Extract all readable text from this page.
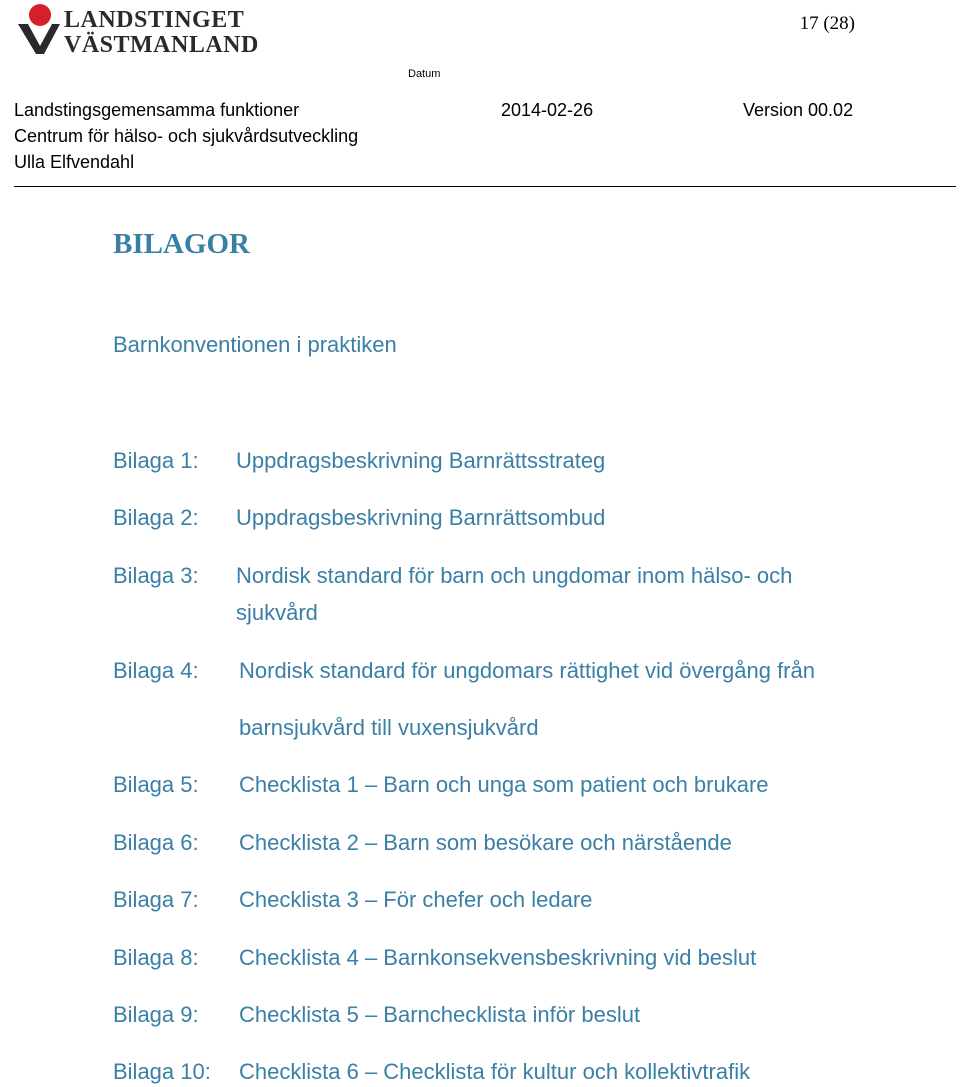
LANDSTINGET
VÄSTMANLAND
17 (28)
Datum
Landstingsgemensamma funktioner	2014-02-26	Version 00.02
Centrum för hälso- och sjukvårdsutveckling
Ulla Elfvendahl
BILAGOR
Barnkonventionen i praktiken
Bilaga 1: Uppdragsbeskrivning Barnrättsstrateg
Bilaga 2: Uppdragsbeskrivning Barnrättsombud
Bilaga 3: Nordisk standard för barn och ungdomar inom hälso- och
sjukvård
Bilaga 4: Nordisk standard för ungdomars rättighet vid övergång från
barnsjukvård till vuxensjukvård
Bilaga 5: Checklista 1 – Barn och unga som patient och brukare
Bilaga 6: Checklista 2 – Barn som besökare och närstående
Bilaga 7: Checklista 3 – För chefer och ledare
Bilaga 8: Checklista 4 – Barnkonsekvensbeskrivning vid beslut
Bilaga 9: Checklista 5 – Barnchecklista inför beslut
Bilaga 10: Checklista 6 – Checklista för kultur och kollektivtrafik
